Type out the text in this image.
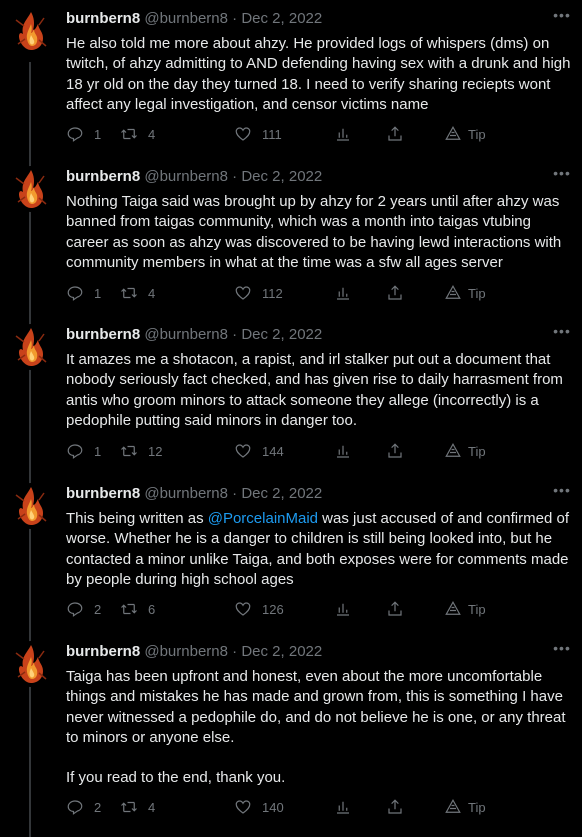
burnbern8 @burnbern8 · Dec 2, 2022	•••

He also told me more about ahzy. He provided logs of whispers (dms) on twitch, of ahzy admitting to AND defending having sex with a drunk and high 18 yr old on the day they turned 18. I need to verify sharing reciepts wont affect any legal investigation, and censor victims name

1	4	111	Tip
burnbern8 @burnbern8 · Dec 2, 2022	•••

Nothing Taiga said was brought up by ahzy for 2 years until after ahzy was banned from taigas community, which was a month into taigas vtubing career as soon as ahzy was discovered to be having lewd interactions with community members in what at the time was a sfw all ages server

1	4	112	Tip
burnbern8 @burnbern8 · Dec 2, 2022	•••

It amazes me a shotacon, a rapist, and irl stalker put out a document that nobody seriously fact checked, and has given rise to daily harrasment from antis who groom minors to attack someone they allege (incorrectly) is a pedophile putting said minors in danger too.

1	12	144	Tip
burnbern8 @burnbern8 · Dec 2, 2022	•••

This being written as @PorcelainMaid was just accused of and confirmed of worse. Whether he is a danger to children is still being looked into, but he contacted a minor unlike Taiga, and both exposes were for comments made by people during high school ages

2	6	126	Tip
burnbern8 @burnbern8 · Dec 2, 2022	•••

Taiga has been upfront and honest, even about the more uncomfortable things and mistakes he has made and grown from, this is something I have never witnessed a pedophile do, and do not believe he is one, or any threat to minors or anyone else.

If you read to the end, thank you.

2	4	140	Tip
